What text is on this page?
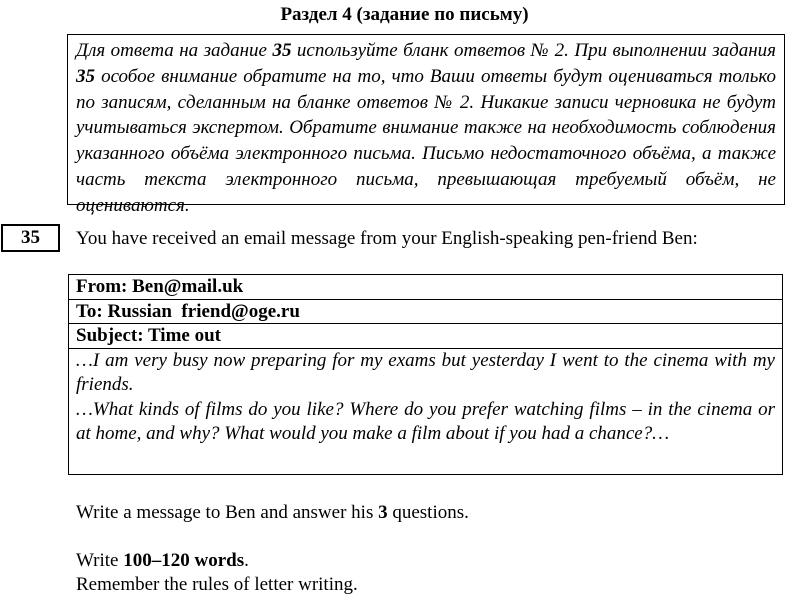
Раздел 4 (задание по письму)
Для ответа на задание 35 используйте бланк ответов № 2. При выполнении задания 35 особое внимание обратите на то, что Ваши ответы будут оцениваться только по записям, сделанным на бланке ответов № 2. Никакие записи черновика не будут учитываться экспертом. Обратите внимание также на необходимость соблюдения указанного объёма электронного письма. Письмо недостаточного объёма, а также часть текста электронного письма, превышающая требуемый объём, не оцениваются.
35	You have received an email message from your English-speaking pen-friend Ben:
From: Ben@mail.uk
To: Russian  friend@oge.ru
Subject: Time out

…I am very busy now preparing for my exams but yesterday I went to the cinema with my friends.

…What kinds of films do you like? Where do you prefer watching films – in the cinema or at home, and why? What would you make a film about if you had a chance?…

Write a message to Ben and answer his 3 questions.
Write 100–120 words.
Remember the rules of letter writing.
